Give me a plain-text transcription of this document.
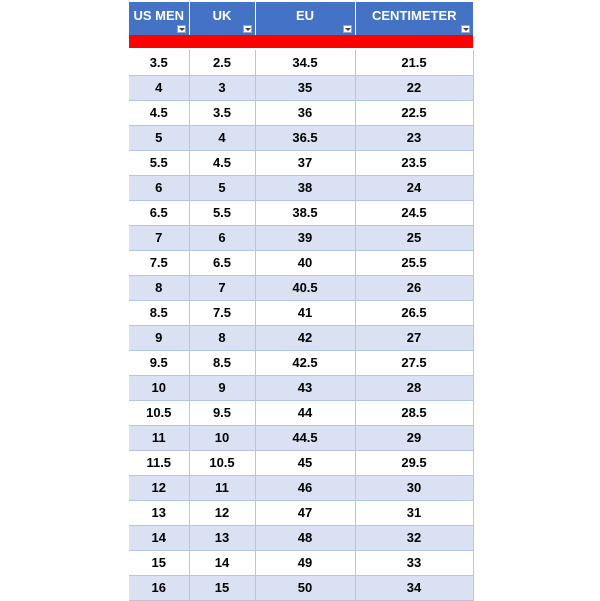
US MEN	UK	EU	CENTIMETER

3.5	2.5	34.5	21.5
4	3	35	22
4.5	3.5	36	22.5
5	4	36.5	23
5.5	4.5	37	23.5
6	5	38	24
6.5	5.5	38.5	24.5
7	6	39	25
7.5	6.5	40	25.5
8	7	40.5	26
8.5	7.5	41	26.5
9	8	42	27
9.5	8.5	42.5	27.5
10	9	43	28
10.5	9.5	44	28.5
11	10	44.5	29
11.5	10.5	45	29.5
12	11	46	30
13	12	47	31
14	13	48	32
15	14	49	33
16	15	50	34
